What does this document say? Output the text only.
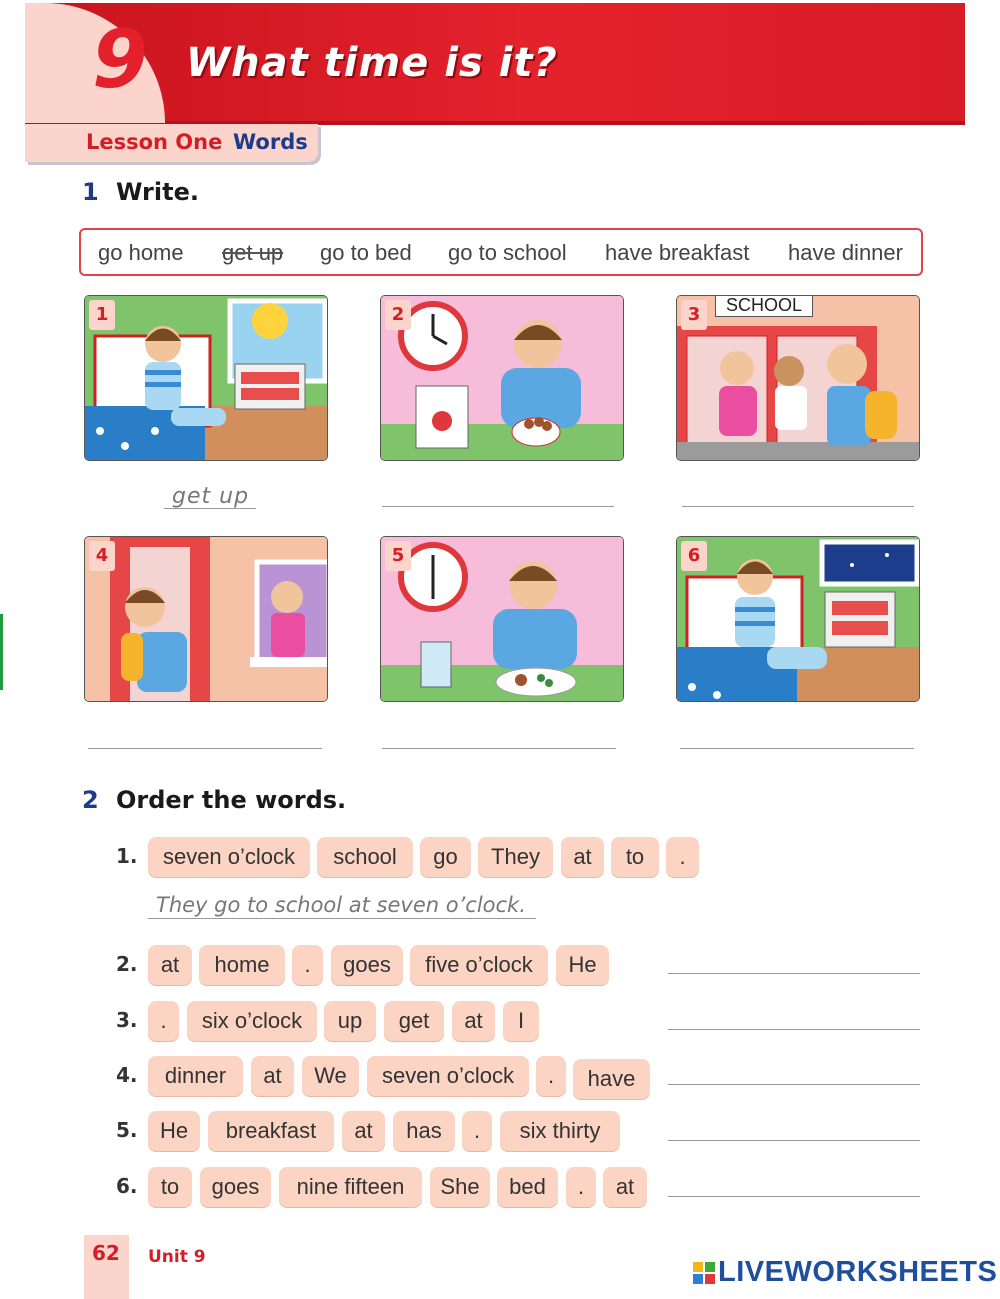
9 What time is it?
Lesson One Words
1 Write.
go home get up go to bed go to school have breakfast have dinner
1	2	3	SCHOOL
get up
4	5	6
2 Order the words.
1.	seven o’clock	school	go	They	at	to	.
They go to school at seven o’clock.
2.	at	home	.	goes	five o’clock	He
3.	.	six o’clock	up	get	at	I
4.	dinner	at	We	seven o’clock	.	have
5.	He	breakfast	at	has	.	six thirty
6.	to	goes	nine fifteen	She	bed	.	at
62 Unit 9	LIVEWORKSHEETS
